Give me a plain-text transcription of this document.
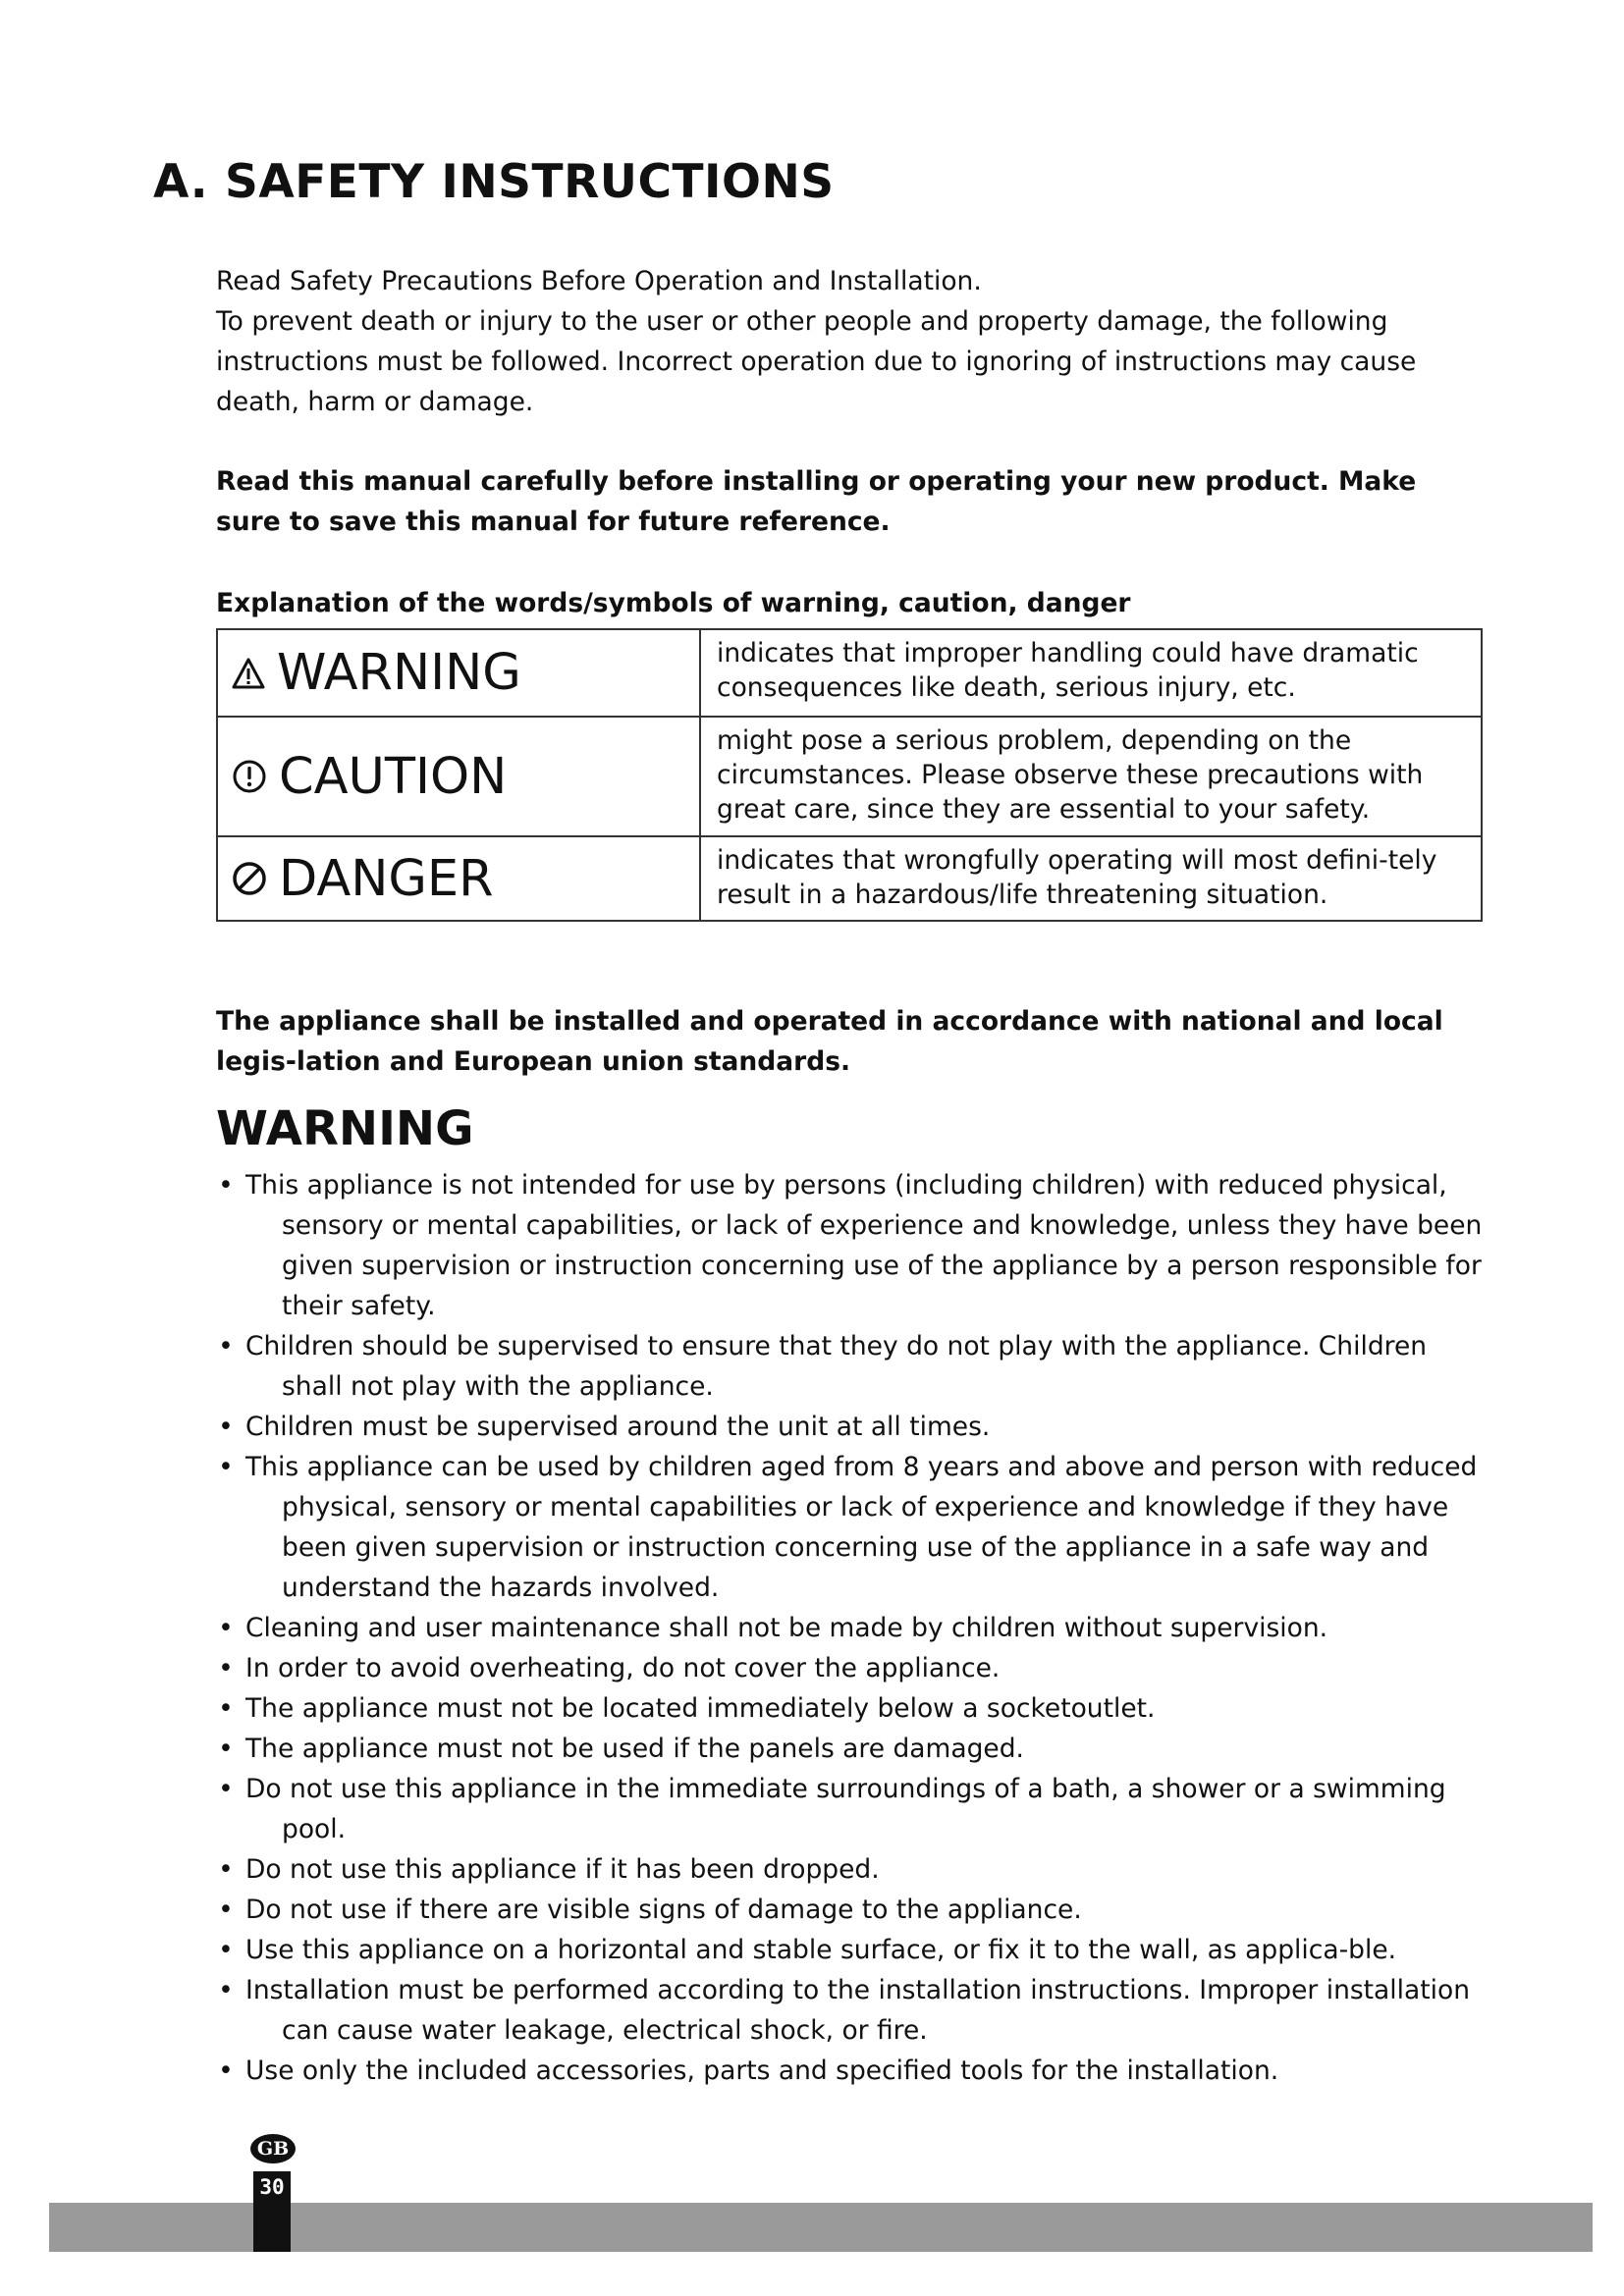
A. SAFETY INSTRUCTIONS

Read Safety Precautions Before Operation and Installation.

To prevent death or injury to the user or other people and property damage, the following instructions must be followed. Incorrect operation due to ignoring of instructions may cause death, harm or damage.

Read this manual carefully before installing or operating your new product. Make sure to save this manual for future reference.
Explanation of the words/symbols of warning, caution, danger
WARNING	indicates that improper handling could have dramatic consequences like death, serious injury, etc.

CAUTION	might pose a serious problem, depending on the circumstances. Please observe these precautions with great care, since they are essential to your safety.

DANGER	indicates that wrongfully operating will most defini-tely result in a hazardous/life threatening situation.
The appliance shall be installed and operated in accordance with national and local legis-lation and European union standards.
WARNING
• This appliance is not intended for use by persons (including children) with reduced physical, sensory or mental capabilities, or lack of experience and knowledge, unless they have been given supervision or instruction concerning use of the appliance by a person responsible for their safety.
• Children should be supervised to ensure that they do not play with the appliance. Children shall not play with the appliance.
• Children must be supervised around the unit at all times.
• This appliance can be used by children aged from 8 years and above and person with reduced physical, sensory or mental capabilities or lack of experience and knowledge if they have been given supervision or instruction concerning use of the appliance in a safe way and understand the hazards involved.
• Cleaning and user maintenance shall not be made by children without supervision.
• In order to avoid overheating, do not cover the appliance.
• The appliance must not be located immediately below a socketoutlet.
• The appliance must not be used if the panels are damaged.
• Do not use this appliance in the immediate surroundings of a bath, a shower or a swimming pool.
• Do not use this appliance if it has been dropped.
• Do not use if there are visible signs of damage to the appliance.
• Use this appliance on a horizontal and stable surface, or fix it to the wall, as applica-ble.
• Installation must be performed according to the installation instructions. Improper installation can cause water leakage, electrical shock, or fire.
• Use only the included accessories, parts and specified tools for the installation.
GB
30
